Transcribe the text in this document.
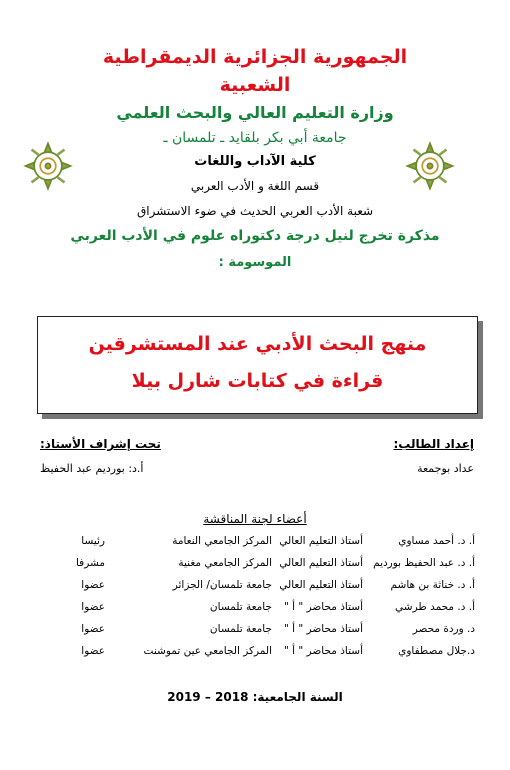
الجمهورية الجزائرية الديمقراطية
الشعبية
وزارة التعليم العالي والبحث العلمي
جامعة أبي بكر بلقايد ـ تلمسان ـ
كلية الآداب واللغات
قسم اللغة و الأدب العربي
شعبة الأدب العربي الحديث في ضوء الاستشراق
مذكرة تخرج لنيل درجة دكتوراه علوم في الأدب العربي
الموسومة :
منهج البحث الأدبي عند المستشرقين
قراءة في كتابات شارل بيلا
إعداد الطالب:
عداد بوجمعة
تحت إشراف الأستاذ:
أ.د: بورديم عبد الحفيظ
أعضاء لجنة المناقشة
أ. د. أحمد مساوي
أستاذ التعليم العالي
المركز الجامعي النعامة
رئيسا
أ. د. عبد الحفيظ بورديم
أستاذ التعليم العالي
المركز الجامعي مغنية
مشرفا
أ. د. خناثة بن هاشم
أستاذ التعليم العالي
جامعة تلمسان/ الجزائر
عضوا
أ. د. محمد طرشي
أستاذ محاضر " أ "
جامعة تلمسان
عضوا
د. وردة محصر
أستاذ محاضر " أ "
جامعة تلمسان
عضوا
د.جلال مصطفاوي
أستاذ محاضر " أ "
المركز الجامعي عين تموشنت
عضوا
السنة الجامعية: 2018 – 2019
